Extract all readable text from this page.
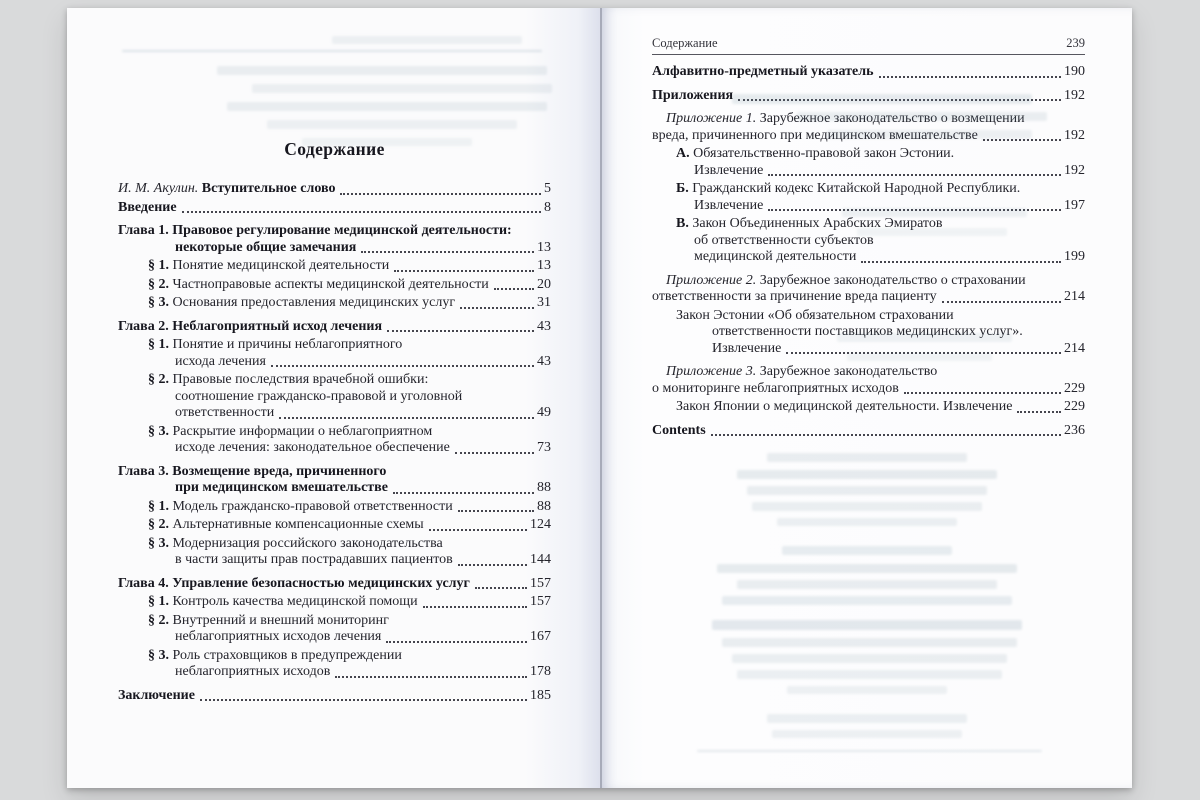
Содержание
И. М. Акулин. Вступительное слово	5
Введение	8
Глава 1. Правовое регулирование медицинской деятельности:
некоторые общие замечания	13
§ 1. Понятие медицинской деятельности	13
§ 2. Частноправовые аспекты медицинской деятельности	20
§ 3. Основания предоставления медицинских услуг	31
Глава 2. Неблагоприятный исход лечения	43
§ 1. Понятие и причины неблагоприятного
исхода лечения	43
§ 2. Правовые последствия врачебной ошибки:
соотношение гражданско-правовой и уголовной
ответственности	49
§ 3. Раскрытие информации о неблагоприятном
исходе лечения: законодательное обеспечение	73
Глава 3. Возмещение вреда, причиненного
при медицинском вмешательстве	88
§ 1. Модель гражданско-правовой ответственности	88
§ 2. Альтернативные компенсационные схемы	124
§ 3. Модернизация российского законодательства
в части защиты прав пострадавших пациентов	144
Глава 4. Управление безопасностью медицинских услуг	157
§ 1. Контроль качества медицинской помощи	157
§ 2. Внутренний и внешний мониторинг
неблагоприятных исходов лечения	167
§ 3. Роль страховщиков в предупреждении
неблагоприятных исходов	178
Заключение	185
Содержание	239
Алфавитно-предметный указатель	190
Приложения	192
Приложение 1. Зарубежное законодательство о возмещении
вреда, причиненного при медицинском вмешательстве	192
А. Обязательственно-правовой закон Эстонии.
Извлечение	192
Б. Гражданский кодекс Китайской Народной Республики.
Извлечение	197
В. Закон Объединенных Арабских Эмиратов
об ответственности субъектов
медицинской деятельности	199
Приложение 2. Зарубежное законодательство о страховании
ответственности за причинение вреда пациенту	214
Закон Эстонии «Об обязательном страховании
ответственности поставщиков медицинских услуг».
Извлечение	214
Приложение 3. Зарубежное законодательство
о мониторинге неблагоприятных исходов	229
Закон Японии о медицинской деятельности. Извлечение	229
Contents	236
